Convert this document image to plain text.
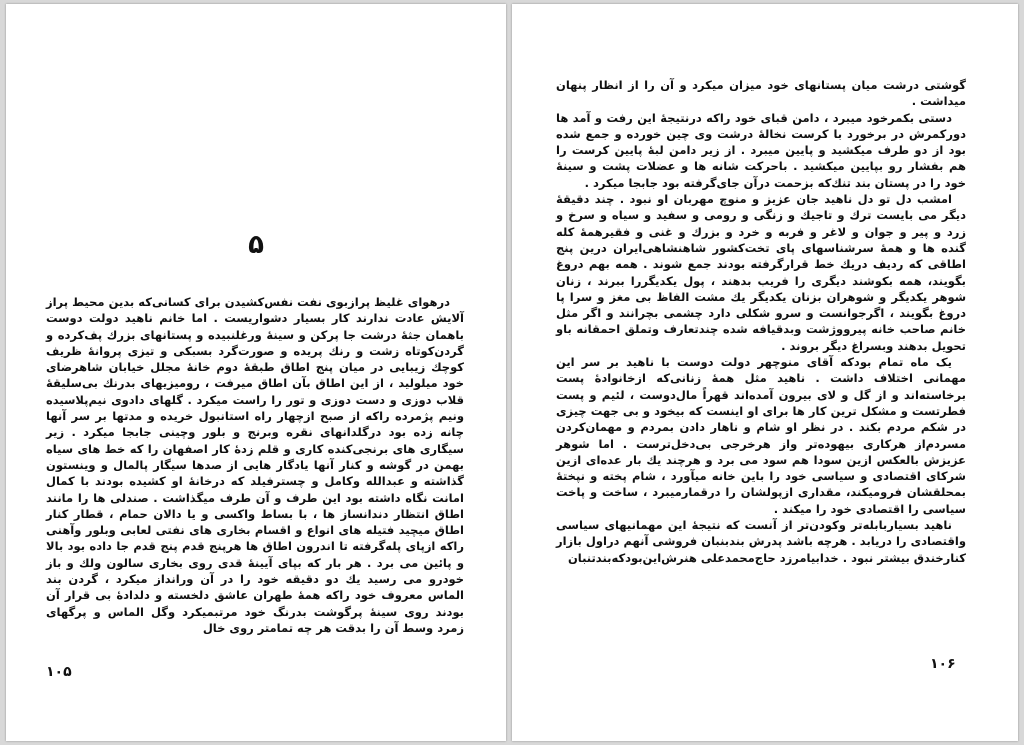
۵

درهوای غلیظ پرازبوی نفت نفس‌کشیدن برای کسانی‌که بدین محیط پراز آلایش عادت ندارند کار بسیار دشواریست . اما خانم ناهید دولت دوست باهمان جثهٔ درشت جا پرکن و سینهٔ ورغلنبیده و پستانهای بزرك پف‌کرده و گردن‌کوتاه زشت و رنك پریده و صورت‌گرد بسبکی و تیزی پروانهٔ ظریف کوچك زیبایی در میان پنج اطاق طبقهٔ دوم خانهٔ مجلل خیابان شاهرضای خود میلولید ، از این اطاق بآن اطاق میرفت ، روميزيهای بدرنك بی‌سلیقهٔ قلاب دوزی و دست دوزی و تور را راست میکرد . گلهای دادوی نیم‌پلاسیده ونیم پژمرده راکه از صبح ازچهار راه استانبول خریده و مدتها بر سر آنها چانه زده بود درگلدانهای نقره وبرنج و بلور وچینی جابجا میکرد . زیر سیگاری های برنجی‌کنده کاری و قلم زدهٔ کار اصفهان را که خط های سیاه بهمن در گوشه و کنار آنها یادگار هایی از صدها سیگار پالمال و وینستون گذاشته و عبدالله وکامل و چسترفیلد که درخانهٔ او کشیده بودند با کمال امانت نگاه داشته بود این طرف و آن طرف میگذاشت . صندلی ها را مانند اطاق انتظار دندانساز ها ، با بساط واکسی و یا دالان حمام ، قطار کنار اطاق میچید فتیله های انواع و اقسام بخاری های نفتی لعابی وبلور وآهنی راکه ازپای پله‌گرفته تا اندرون اطاق ها هرپنج قدم پنج قدم جا داده بود بالا و پائین می برد . هر بار که بپای آیینهٔ قدی روی بخاری سالون ولك و باز خودرو می رسید یك دو دقیقه خود را در آن ورانداز میکرد ، گردن بند الماس معروف خود راکه همهٔ طهران عاشق دلخسته و دلدادهٔ بی قرار آن بودند روی سینهٔ پرگوشت بدرنگ خود مرتبمیکرد وگل الماس و پرگهای زمرد وسط آن را بدقت هر چه تمامتر روی خال

۱۰۵

گوشتی درشت میان پستانهای خود میزان میکرد و آن را از انظار پنهان میداشت .

دستی بکمرخود میبرد ، دامن قبای خود راکه درنتیجهٔ این رفت و آمد ها دورکمرش در برخورد با کرست نخالهٔ درشت وی چین خورده و جمع شده بود از دو طرف میکشید و پایین میبرد . از زیر دامن لبهٔ پایین کرست را هم بفشار رو بپایین میکشید . باحرکت شانه ها و عضلات پشت و سینهٔ خود را در پستان بند تنك‌که بزحمت درآن جای‌گرفته بود جابجا میکرد .

امشب دل تو دل ناهید جان عزیز و منوچ مهربان او نبود . چند دقیقهٔ دیگر می بایست ترك و تاجیك و زنگی و رومی و سفید و سیاه و سرخ و زرد و پیر و جوان و لاغر و فربه و خرد و بزرك و غنی و فقیرهمهٔ کله گنده ها و همهٔ سرشناسهای پای تخت‌کشور شاهنشاهی‌ایران درین پنج اطاقی که ردیف دریك خط قرارگرفته بودند جمع شوند . همه بهم دروغ بگویند، همه بکوشند دیگری را فریب بدهند ، پول یکدیگررا ببرند ، زنان شوهر یکدیگر و شوهران بزنان یکدیگر یك مشت الفاظ بی مغز و سرا پا دروغ بگویند ، اگرجوانست و سرو شکلی دارد چشمی بچرانند و اگر مثل خانم صاحب خانه پیرووژشت وبدقیافه شده چندتعارف وتملق احمقانه باو تحویل بدهند وبسراغ دیگر بروند .

یک ماه تمام بودکه آقای منوچهر دولت دوست با ناهید بر سر این مهمانی اختلاف داشت . ناهید مثل همهٔ زنانی‌که ازخانوادهٔ پست برخاسته‌اند و از گل و لای بیرون آمده‌اند قهراً مال‌دوست ، لئیم و پست فطرتست و مشکل ترین کار ها برای او اینست که بیخود و بی جهت چیزی در شکم مردم بکند . در نظر او شام و ناهار دادن بمردم و مهمان‌کردن مسردم‌از هرکاری بیهوده‌تر واز هرخرجی بی‌دخل‌ترست . اما شوهر عزیزش بالعکس ازین سودا هم سود می برد و هرچند یك بار عده‌ای ازین شرکای اقتصادی و سیاسی خود را باین خانه میآورد ، شام پخته و نپختهٔ بمحلقشان فرومیکند، مقداری ازپولشان را درقمارمیبرد ، ساخت و پاخت سیاسی را اقتصادی خود را میکند .

ناهید بسیاربابله‌تر وکودن‌تر از آنست که نتیجهٔ این مهمانیهای سیاسی واقتصادی را دریابد . هرچه باشد پدرش بندبنبان فروشی آنهم دراول بازار کنارخندق بیشتر نبود . خدابیامرزد حاج‌محمدعلی هنرش‌این‌بودکه‌بندتنبان

۱۰۶
